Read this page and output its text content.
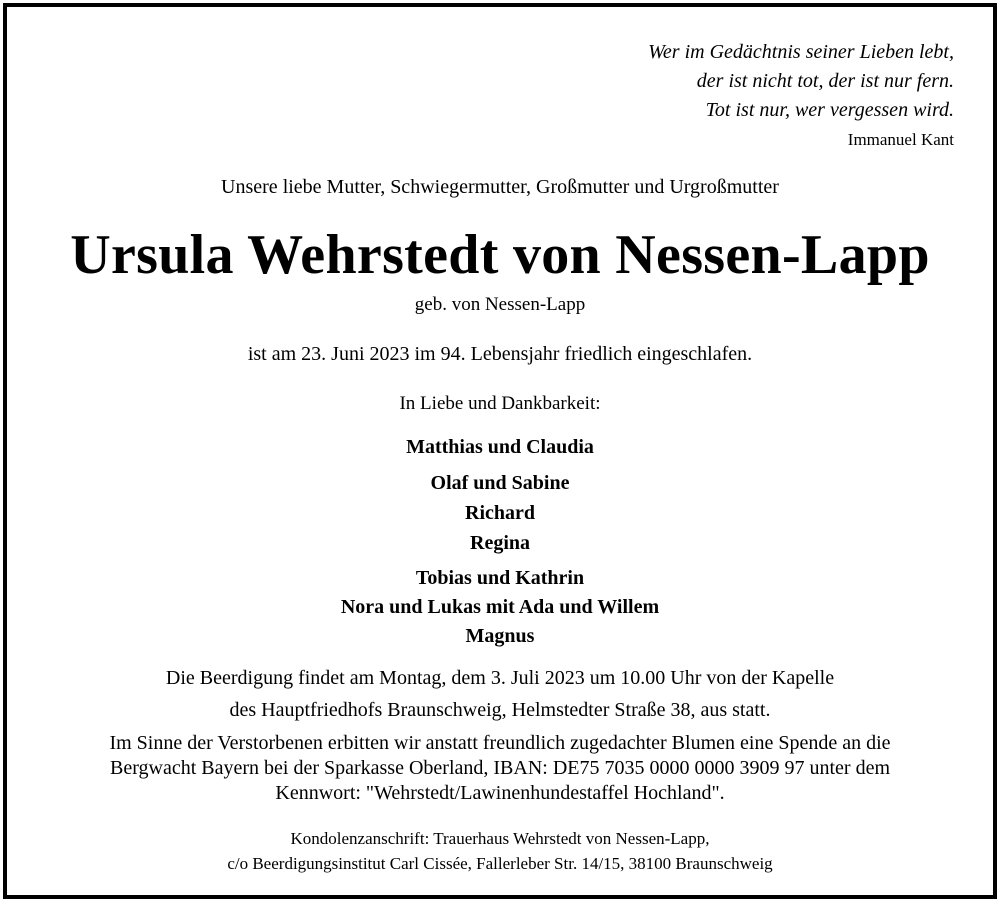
Wer im Gedächtnis seiner Lieben lebt,
der ist nicht tot, der ist nur fern.
Tot ist nur, wer vergessen wird.
Immanuel Kant
Unsere liebe Mutter, Schwiegermutter, Großmutter und Urgroßmutter
Ursula Wehrstedt von Nessen-Lapp
geb. von Nessen-Lapp
ist am 23. Juni 2023 im 94. Lebensjahr friedlich eingeschlafen.
In Liebe und Dankbarkeit:
Matthias und Claudia
Olaf und Sabine
Richard
Regina
Tobias und Kathrin
Nora und Lukas mit Ada und Willem
Magnus
Die Beerdigung findet am Montag, dem 3. Juli 2023 um 10.00 Uhr von der Kapelle
des Hauptfriedhofs Braunschweig, Helmstedter Straße 38, aus statt.
Im Sinne der Verstorbenen erbitten wir anstatt freundlich zugedachter Blumen eine Spende an die
Bergwacht Bayern bei der Sparkasse Oberland, IBAN: DE75 7035 0000 0000 3909 97 unter dem
Kennwort: "Wehrstedt/Lawinenhundestaffel Hochland".
Kondolenzanschrift: Trauerhaus Wehrstedt von Nessen-Lapp,
c/o Beerdigungsinstitut Carl Cissée, Fallerleber Str. 14/15, 38100 Braunschweig
